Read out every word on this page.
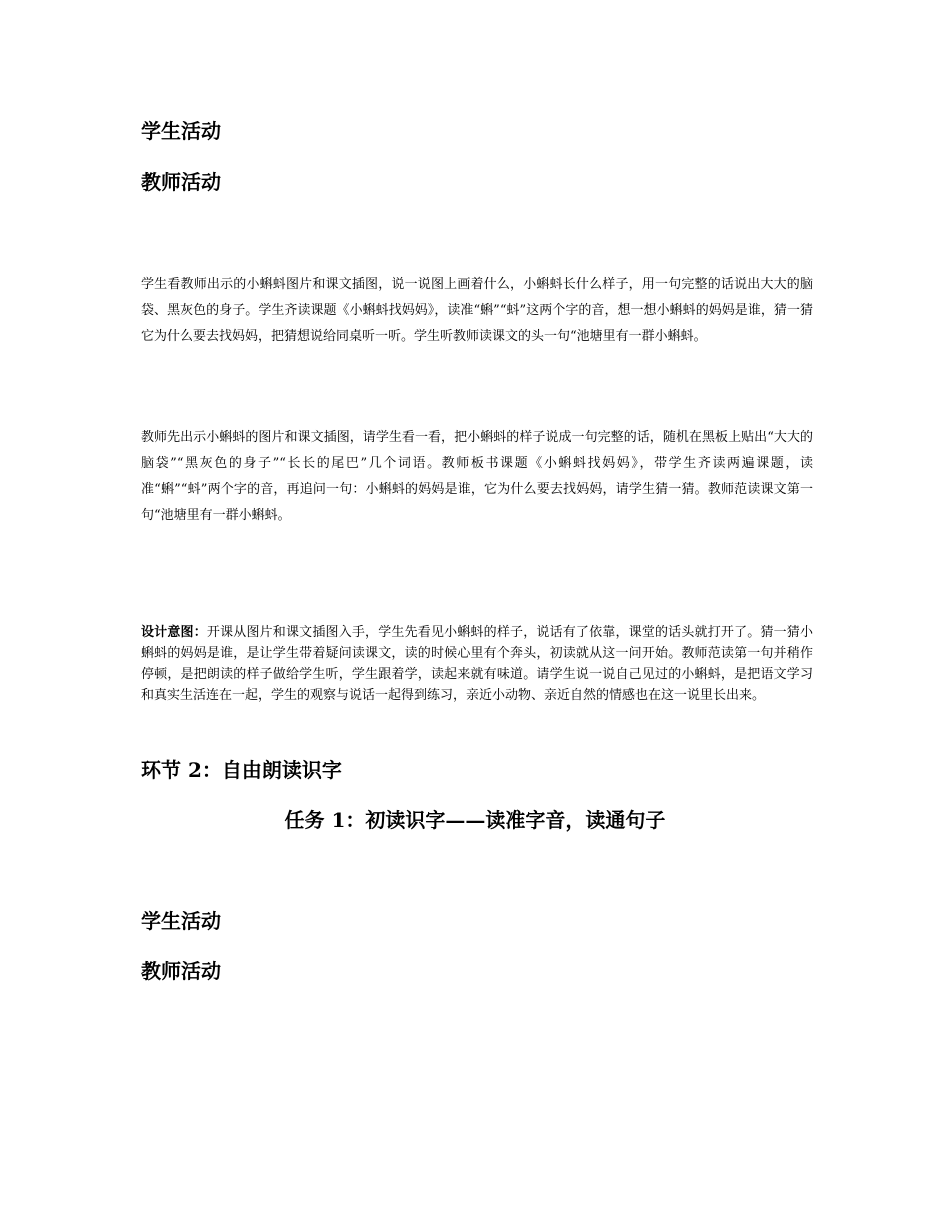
学生活动
教师活动

学生看教师出示的小蝌蚪图片和课文插图，说一说图上画着什么，小蝌蚪长什么样子，用一句完整的话说出大大的脑袋、黑灰色的身子。学生齐读课题《小蝌蚪找妈妈》，读准“蝌”“蚪”这两个字的音，想一想小蝌蚪的妈妈是谁，猜一猜它为什么要去找妈妈，把猜想说给同桌听一听。学生听教师读课文的头一句“池塘里有一群小蝌蚪。

教师先出示小蝌蚪的图片和课文插图，请学生看一看，把小蝌蚪的样子说成一句完整的话，随机在黑板上贴出“大大的脑袋”“黑灰色的身子”“长长的尾巴”几个词语。教师板书课题《小蝌蚪找妈妈》，带学生齐读两遍课题，读准“蝌”“蚪”两个字的音，再追问一句：小蝌蚪的妈妈是谁，它为什么要去找妈妈，请学生猜一猜。教师范读课文第一句“池塘里有一群小蝌蚪。

设计意图：开课从图片和课文插图入手，学生先看见小蝌蚪的样子，说话有了依靠，课堂的话头就打开了。猜一猜小蝌蚪的妈妈是谁，是让学生带着疑问读课文，读的时候心里有个奔头，初读就从这一问开始。教师范读第一句并稍作停顿，是把朗读的样子做给学生听，学生跟着学，读起来就有味道。请学生说一说自己见过的小蝌蚪，是把语文学习和真实生活连在一起，学生的观察与说话一起得到练习，亲近小动物、亲近自然的情感也在这一说里长出来。

环节 2：自由朗读识字
任务 1：初读识字——读准字音，读通句子
学生活动
教师活动
